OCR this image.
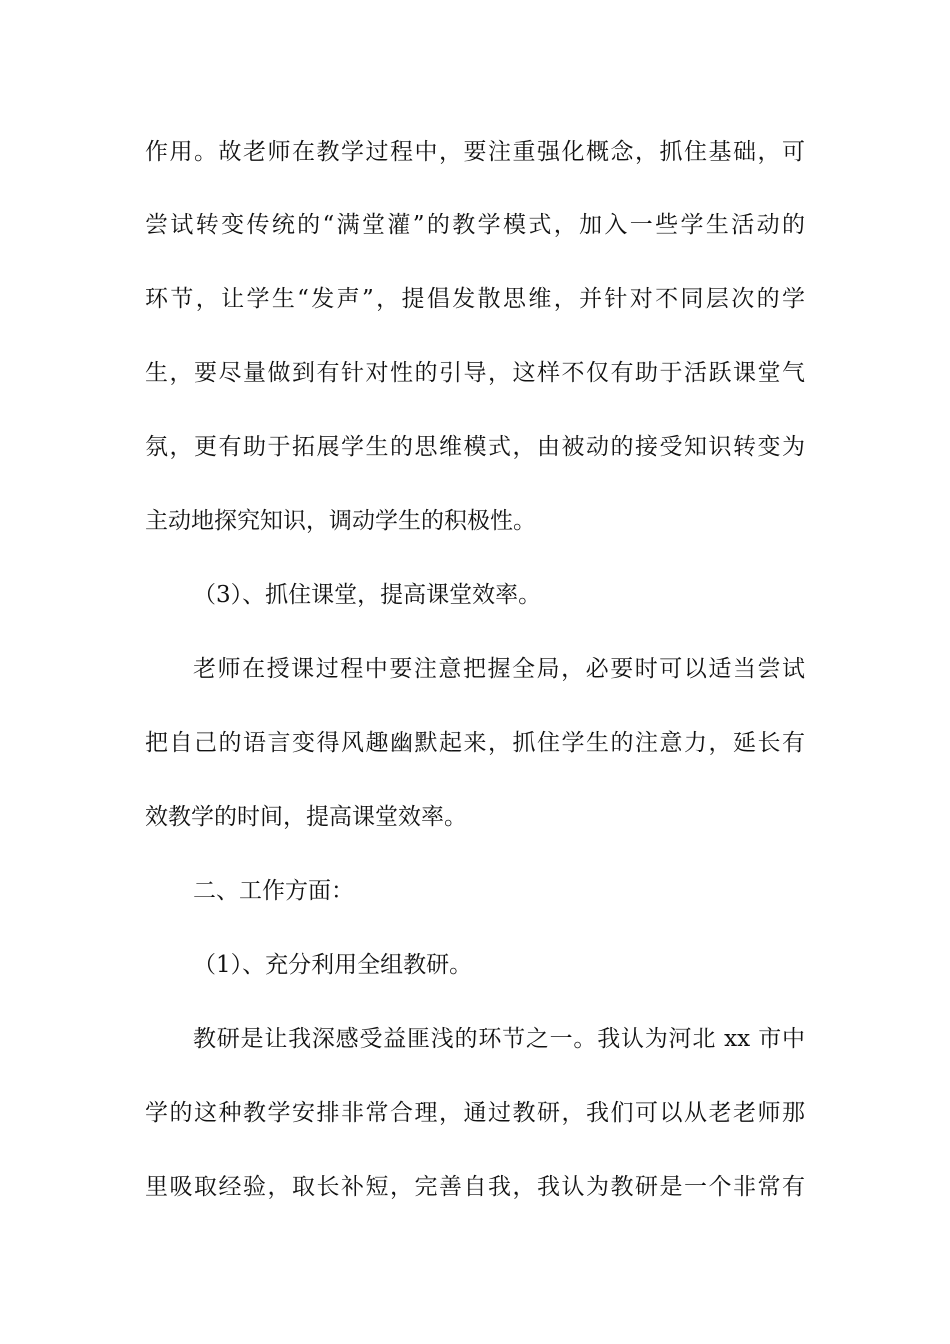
作用。故老师在教学过程中，要注重强化概念，抓住基础，可
尝试转变传统的“满堂灌”的教学模式，加入一些学生活动的
环节，让学生“发声”，提倡发散思维，并针对不同层次的学
生，要尽量做到有针对性的引导，这样不仅有助于活跃课堂气
氛，更有助于拓展学生的思维模式，由被动的接受知识转变为
主动地探究知识，调动学生的积极性。
（3）、抓住课堂，提高课堂效率。
老师在授课过程中要注意把握全局，必要时可以适当尝试
把自己的语言变得风趣幽默起来，抓住学生的注意力，延长有
效教学的时间，提高课堂效率。
二、工作方面：
（1）、充分利用全组教研。
教研是让我深感受益匪浅的环节之一。我认为河北 xx 市中
学的这种教学安排非常合理，通过教研，我们可以从老老师那
里吸取经验，取长补短，完善自我，我认为教研是一个非常有
